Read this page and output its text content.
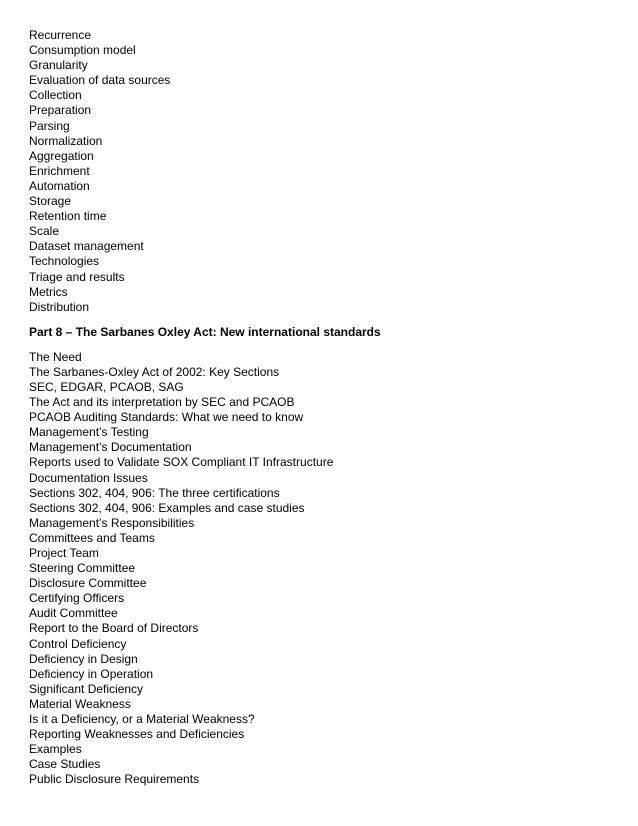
Recurrence
Consumption model
Granularity
Evaluation of data sources
Collection
Preparation
Parsing
Normalization
Aggregation
Enrichment
Automation
Storage
Retention time
Scale
Dataset management
Technologies
Triage and results
Metrics
Distribution

Part 8 – The Sarbanes Oxley Act: New international standards

The Need
The Sarbanes-Oxley Act of 2002: Key Sections
SEC, EDGAR, PCAOB, SAG
The Act and its interpretation by SEC and PCAOB
PCAOB Auditing Standards: What we need to know
Management’s Testing
Management’s Documentation
Reports used to Validate SOX Compliant IT Infrastructure
Documentation Issues
Sections 302, 404, 906: The three certifications
Sections 302, 404, 906: Examples and case studies
Management’s Responsibilities
Committees and Teams
Project Team
Steering Committee
Disclosure Committee
Certifying Officers
Audit Committee
Report to the Board of Directors
Control Deficiency
Deficiency in Design
Deficiency in Operation
Significant Deficiency
Material Weakness
Is it a Deficiency, or a Material Weakness?
Reporting Weaknesses and Deficiencies
Examples
Case Studies
Public Disclosure Requirements
